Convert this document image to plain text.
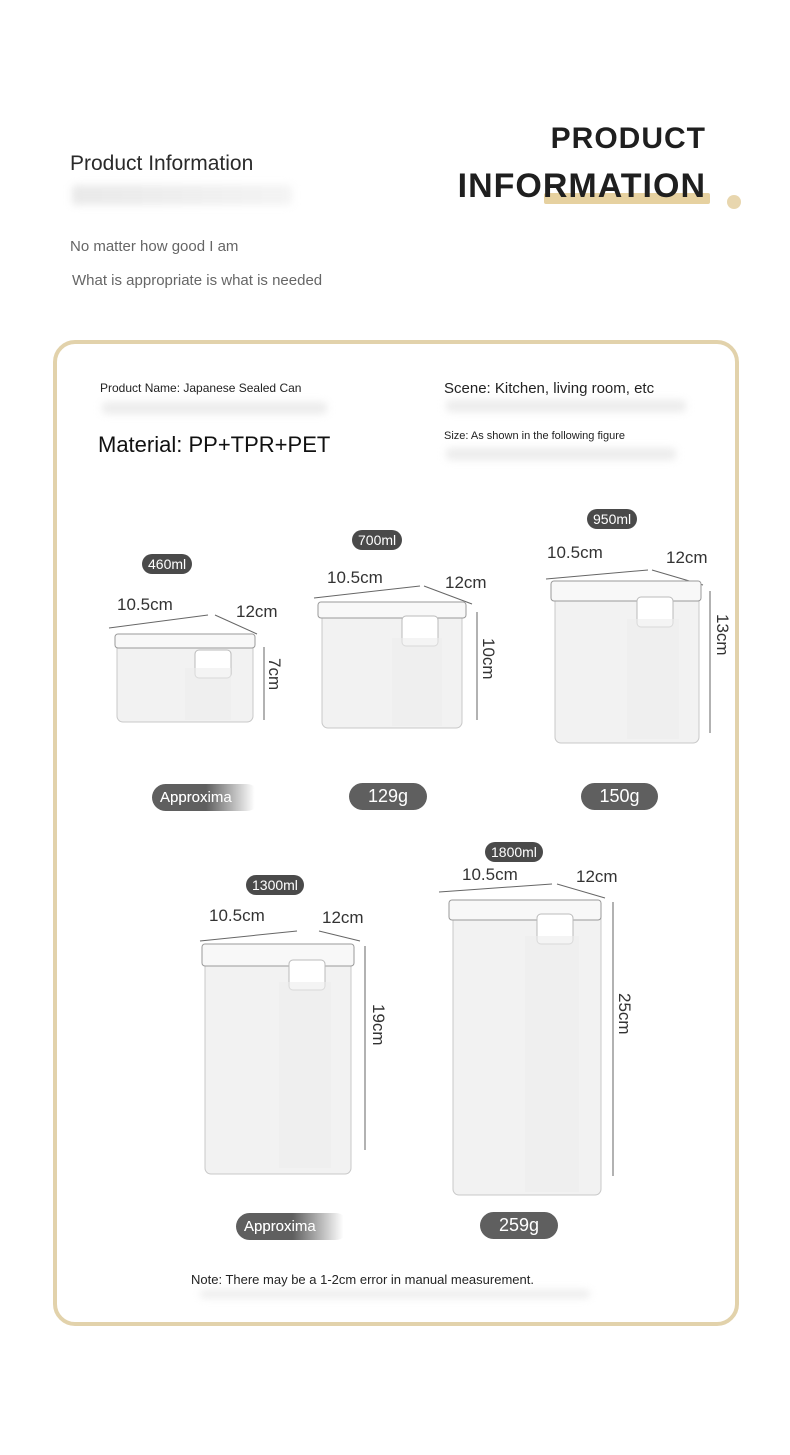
Product Information
No matter how good I am
What is appropriate is what is needed
PRODUCT
INFORMATION
Product Name: Japanese Sealed Can	Scene: Kitchen, living room, etc
Material: PP+TPR+PET	Size: As shown in the following figure
460ml
10.5cm	12cm
7cm
Approxima
700ml
10.5cm	12cm
10cm
129g
950ml
10.5cm	12cm
13cm
150g
1300ml
10.5cm	12cm
19cm
Approxima
1800ml
10.5cm	12cm
25cm
259g
Note: There may be a 1-2cm error in manual measurement.
